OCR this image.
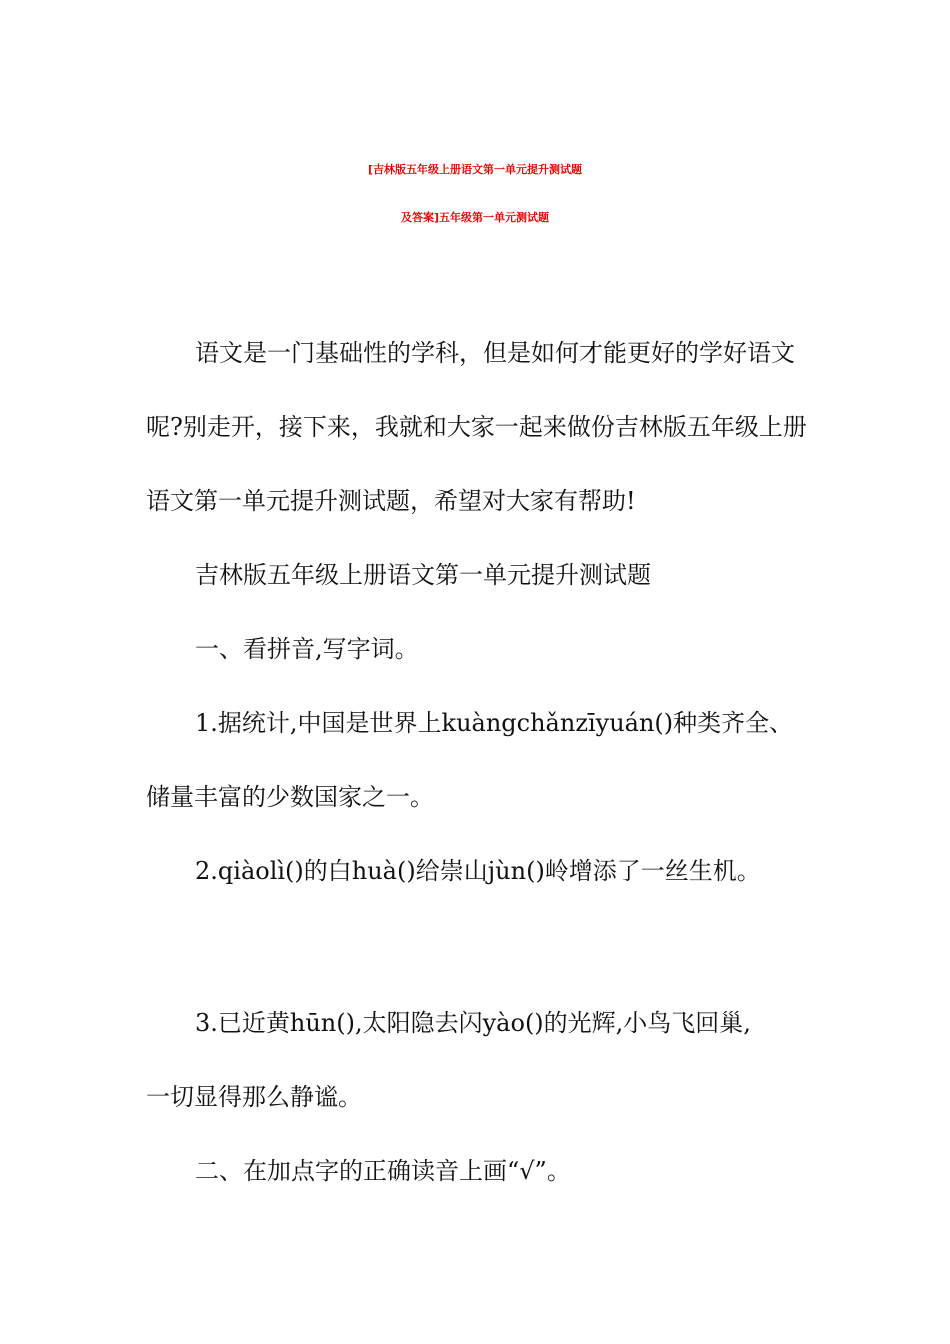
[吉林版五年级上册语文第一单元提升测试题
及答案]五年级第一单元测试题
语文是一门基础性的学科，但是如何才能更好的学好语文
呢?别走开，接下来，我就和大家一起来做份吉林版五年级上册
语文第一单元提升测试题，希望对大家有帮助!
吉林版五年级上册语文第一单元提升测试题
一、看拼音,写字词。
1.据统计,中国是世界上kuàngchǎnzīyuán()种类齐全、
储量丰富的少数国家之一。
2.qiàolì()的白huà()给崇山jùn()岭增添了一丝生机。
3.已近黄hūn(),太阳隐去闪yào()的光辉,小鸟飞回巢,
一切显得那么静谧。
二、在加点字的正确读音上画“√”。
